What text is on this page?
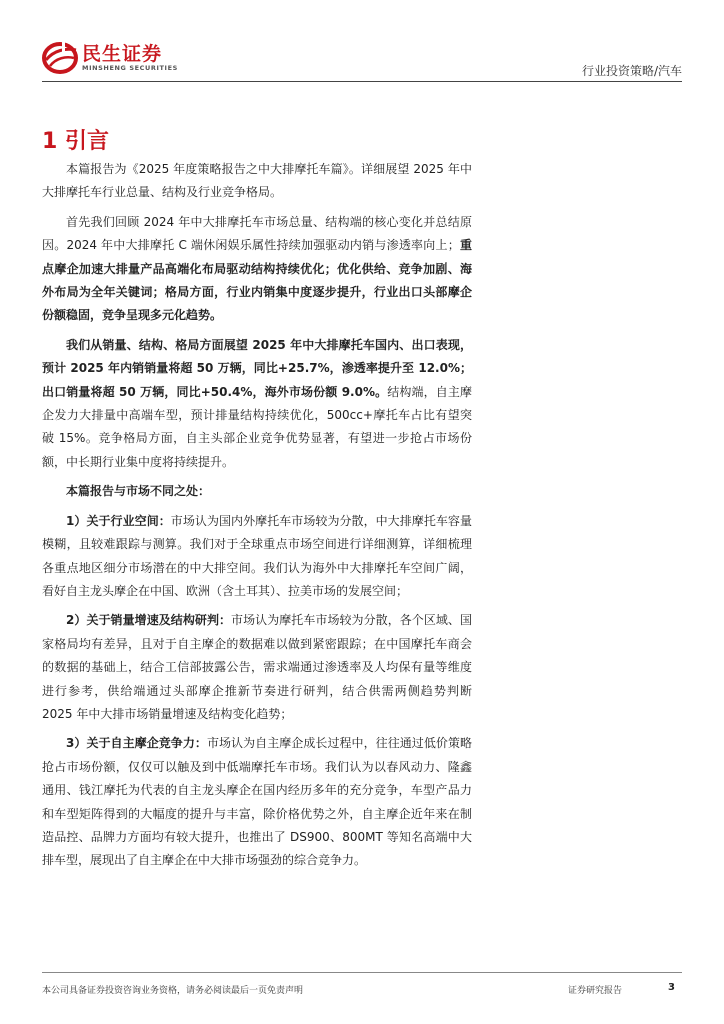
民生证券
MINSHENG SECURITIES	行业投资策略/汽车
1 引言

本篇报告为《2025 年度策略报告之中大排摩托车篇》。详细展望 2025 年中大排摩托车行业总量、结构及行业竞争格局。

首先我们回顾 2024 年中大排摩托车市场总量、结构端的核心变化并总结原因。2024 年中大排摩托 C 端休闲娱乐属性持续加强驱动内销与渗透率向上；重点摩企加速大排量产品高端化布局驱动结构持续优化；优化供给、竞争加剧、海外布局为全年关键词；格局方面，行业内销集中度逐步提升，行业出口头部摩企份额稳固，竞争呈现多元化趋势。

我们从销量、结构、格局方面展望 2025 年中大排摩托车国内、出口表现，预计 2025 年内销销量将超 50 万辆，同比+25.7%，渗透率提升至 12.0%；出口销量将超 50 万辆，同比+50.4%，海外市场份额 9.0%。结构端，自主摩企发力大排量中高端车型，预计排量结构持续优化，500cc+摩托车占比有望突破 15%。竞争格局方面，自主头部企业竞争优势显著，有望进一步抢占市场份额，中长期行业集中度将持续提升。

本篇报告与市场不同之处：

1）关于行业空间：市场认为国内外摩托车市场较为分散，中大排摩托车容量模糊，且较难跟踪与测算。我们对于全球重点市场空间进行详细测算，详细梳理各重点地区细分市场潜在的中大排空间。我们认为海外中大排摩托车空间广阔，看好自主龙头摩企在中国、欧洲（含土耳其）、拉美市场的发展空间；

2）关于销量增速及结构研判：市场认为摩托车市场较为分散，各个区域、国家格局均有差异，且对于自主摩企的数据难以做到紧密跟踪；在中国摩托车商会的数据的基础上，结合工信部披露公告，需求端通过渗透率及人均保有量等维度进行参考，供给端通过头部摩企推新节奏进行研判，结合供需两侧趋势判断 2025 年中大排市场销量增速及结构变化趋势；

3）关于自主摩企竞争力：市场认为自主摩企成长过程中，往往通过低价策略抢占市场份额，仅仅可以触及到中低端摩托车市场。我们认为以春风动力、隆鑫通用、钱江摩托为代表的自主龙头摩企在国内经历多年的充分竞争，车型产品力和车型矩阵得到的大幅度的提升与丰富，除价格优势之外，自主摩企近年来在制造品控、品牌力方面均有较大提升，也推出了 DS900、800MT 等知名高端中大排车型，展现出了自主摩企在中大排市场强劲的综合竞争力。

本公司具备证券投资咨询业务资格，请务必阅读最后一页免责声明	证券研究报告	3
